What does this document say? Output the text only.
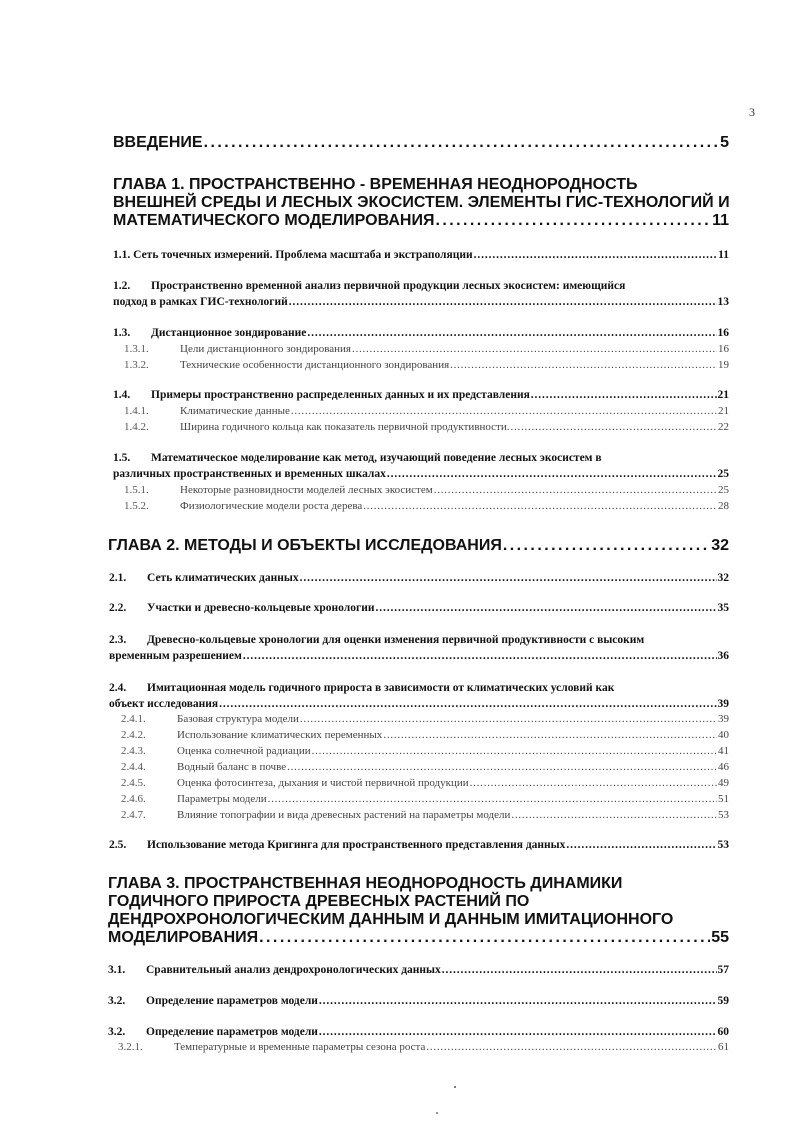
3
ВВЕДЕНИЕ . . .	5
ГЛАВА 1. ПРОСТРАНСТВЕННО - ВРЕМЕННАЯ НЕОДНОРОДНОСТЬ
ВНЕШНЕЙ СРЕДЫ И ЛЕСНЫХ ЭКОСИСТЕМ. ЭЛЕМЕНТЫ ГИС-ТЕХНОЛОГИЙ И
МАТЕМАТИЧЕСКОГО МОДЕЛИРОВАНИЯ . . .	11
1.1. Сеть точечных измерений. Проблема масштаба и экстраполяции . . .	11
1.2. Пространственно временной анализ первичной продукции лесных экосистем: имеющийся
подход в рамках ГИС-технологий . . .	13
1.3. Дистанционное зондирование . . .	16
1.3.1.	Цели дистанционного зондирования . . .	16
1.3.2.	Технические особенности дистанционного зондирования . . .	19
1.4. Примеры пространственно распределенных данных и их представления . . .	21
1.4.1.	Климатические данные . . .	21
1.4.2.	Ширина годичного кольца как показатель первичной продуктивности. . . .	22
1.5. Математическое моделирование как метод, изучающий поведение лесных экосистем в
различных пространственных и временных шкалах . . .	25
1.5.1.	Некоторые разновидности моделей лесных экосистем . . .	25
1.5.2.	Физиологические модели роста дерева . . .	28
ГЛАВА 2. МЕТОДЫ И ОБЪЕКТЫ ИССЛЕДОВАНИЯ . . .	32
2.1. Сеть климатических данных . . .	32
2.2. Участки и древесно-кольцевые хронологии . . .	35
2.3. Древесно-кольцевые хронологии для оценки изменения первичной продуктивности с высоким
временным разрешением . . .	36
2.4. Имитационная модель годичного прироста в зависимости от климатических условий как
объект исследования . . .	39
2.4.1.	Базовая структура модели . . .	39
2.4.2.	Использование климатических переменных . . .	40
2.4.3.	Оценка солнечной радиации . . .	41
2.4.4.	Водный баланс в почве . . .	46
2.4.5.	Оценка фотосинтеза, дыхания и чистой первичной продукции . . .	49
2.4.6.	Параметры модели . . .	51
2.4.7.	Влияние топографии и вида древесных растений на параметры модели . . .	53
2.5. Использование метода Кригинга для пространственного представления данных . . .	53
ГЛАВА 3. ПРОСТРАНСТВЕННАЯ НЕОДНОРОДНОСТЬ ДИНАМИКИ
ГОДИЧНОГО ПРИРОСТА ДРЕВЕСНЫХ РАСТЕНИЙ ПО
ДЕНДРОХРОНОЛОГИЧЕСКИМ ДАННЫМ И ДАННЫМ ИМИТАЦИОННОГО
МОДЕЛИРОВАНИЯ . . .	55
3.1. Сравнительный анализ дендрохронологических данных . . .	57
3.2. Определение параметров модели . . .	59
3.2. Определение параметров модели . . .	60
3.2.1.	Температурные и временные параметры сезона роста . . .	61
